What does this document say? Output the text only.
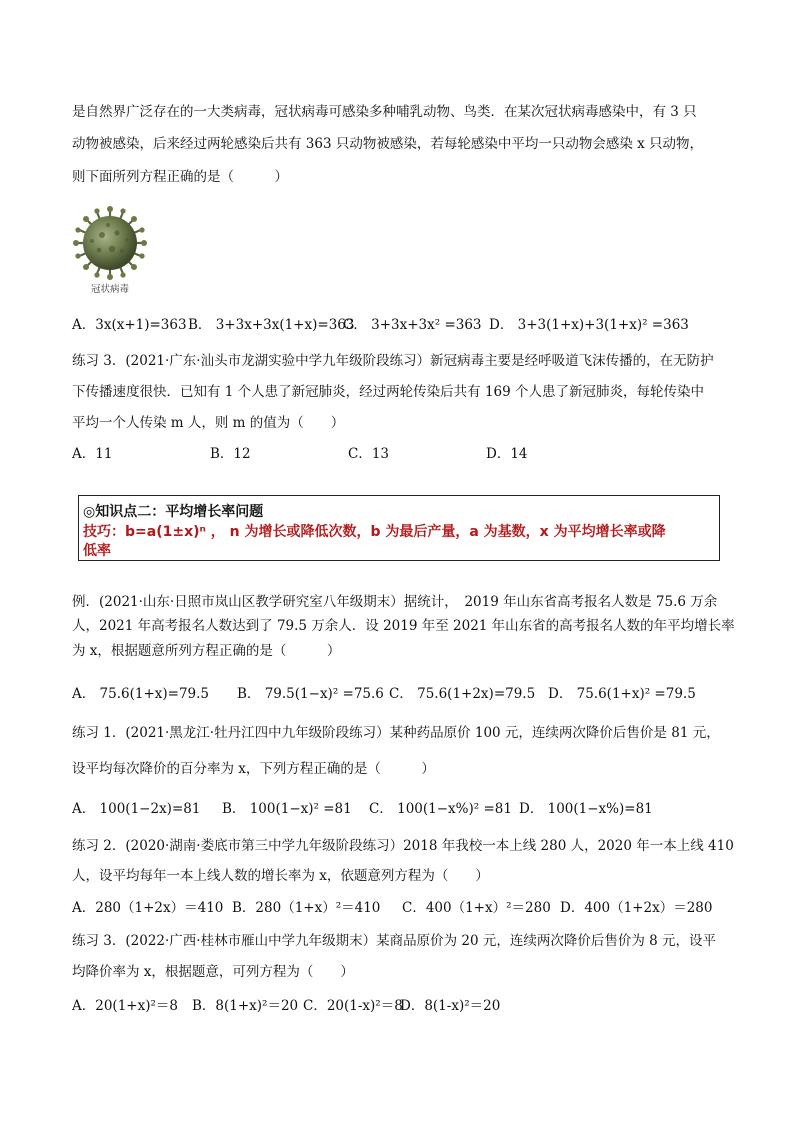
是自然界广泛存在的一大类病毒，冠状病毒可感染多种哺乳动物、鸟类．在某次冠状病毒感染中，有 3 只
动物被感染，后来经过两轮感染后共有 363 只动物被感染，若每轮感染中平均一只动物会感染 x 只动物，
则下面所列方程正确的是（　　　）
冠状病毒
A．3x(x+1)=363 B． 3+3x+3x(1+x)=363
C． 3+3x+3x² =363 D． 3+3(1+x)+3(1+x)² =363
练习 3．(2021·广东·汕头市龙湖实验中学九年级阶段练习）新冠病毒主要是经呼吸道飞沫传播的，在无防护
下传播速度很快．已知有 1 个人患了新冠肺炎，经过两轮传染后共有 169 个人患了新冠肺炎，每轮传染中
平均一个人传染 m 人，则 m 的值为（　　）
A．11	B．12	C．13	D．14
◎知识点二：平均增长率问题
技巧：b=a(1±x)ⁿ ， n 为增长或降低次数，b 为最后产量，a 为基数，x 为平均增长率或降
低率
例．(2021·山东·日照市岚山区教学研究室八年级期末）据统计，　2019 年山东省高考报名人数是 75.6 万余
人，2021 年高考报名人数达到了 79.5 万余人．设 2019 年至 2021 年山东省的高考报名人数的年平均增长率
为 x，根据题意所列方程正确的是（　　　）
A． 75.6(1+x)=79.5 B． 79.5(1−x)² =75.6 C． 75.6(1+2x)=79.5 D． 75.6(1+x)² =79.5
练习 1．(2021·黑龙江·牡丹江四中九年级阶段练习）某种药品原价 100 元，连续两次降价后售价是 81 元，
设平均每次降价的百分率为 x，下列方程正确的是（　　　）
A． 100(1−2x)=81 B． 100(1−x)² =81 C． 100(1−x%)² =81 D． 100(1−x%)=81
练习 2．(2020·湖南·娄底市第三中学九年级阶段练习）2018 年我校一本上线 280 人，2020 年一本上线 410
人，设平均每年一本上线人数的增长率为 x，依题意列方程为（　　）
A．280（1+2x）＝410 B．280（1+x）²＝410 C．400（1+x）²＝280 D．400（1+2x）＝280
练习 3．(2022·广西·桂林市雁山中学九年级期末）某商品原价为 20 元，连续两次降价后售价为 8 元，设平
均降价率为 x，根据题意，可列方程为（　　）
A．20(1+x)²＝8 B．8(1+x)²＝20 C．20(1-x)²＝8
D．8(1-x)²＝20
